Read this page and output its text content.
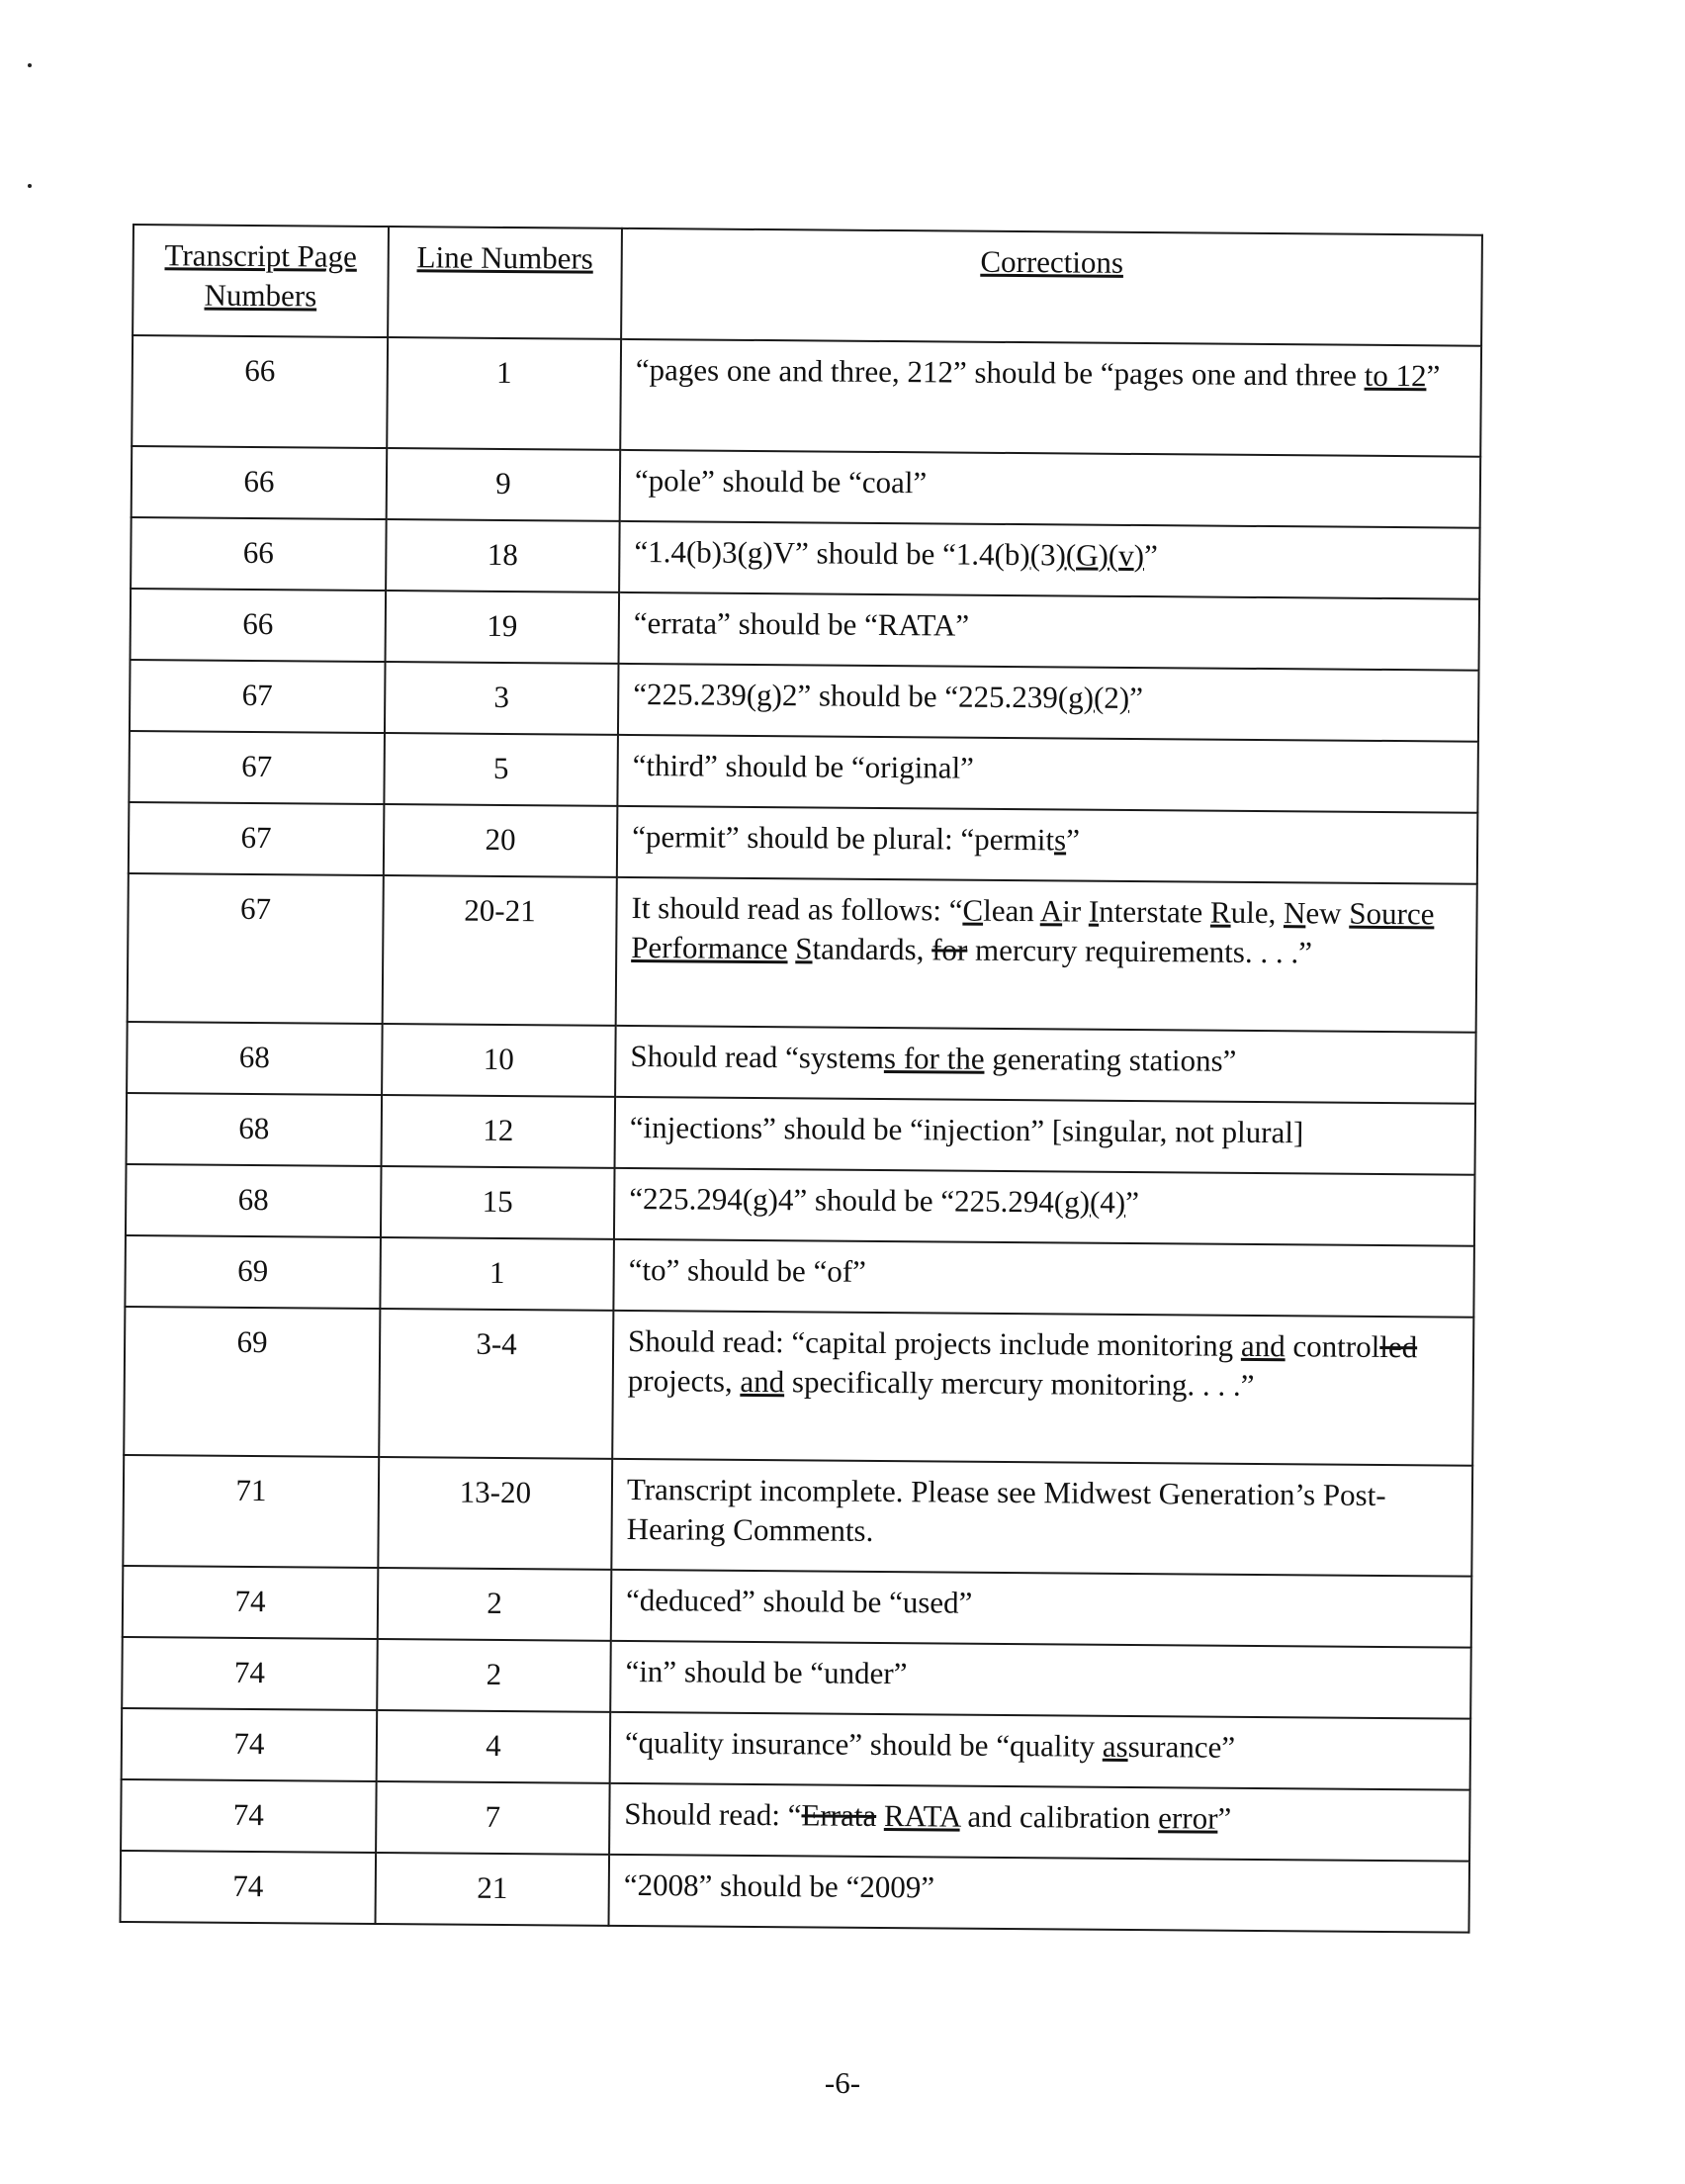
Transcript Page Numbers	Line Numbers	Corrections
66	1	“pages one and three, 212” should be “pages one and three to 12”
66	9	“pole” should be “coal”
66	18	“1.4(b)3(g)V” should be “1.4(b)(3)(G)(v)”
66	19	“errata” should be “RATA”
67	3	“225.239(g)2” should be “225.239(g)(2)”
67	5	“third” should be “original”
67	20	“permit” should be plural: “permits”
67	20-21	It should read as follows: “Clean Air Interstate Rule, New Source Performance Standards, for mercury requirements. . . .”
68	10	Should read “systems for the generating stations”
68	12	“injections” should be “injection” [singular, not plural]
68	15	“225.294(g)4” should be “225.294(g)(4)”
69	1	“to” should be “of”
69	3-4	Should read: “capital projects include monitoring and controlled projects, and specifically mercury monitoring. . . .”
71	13-20	Transcript incomplete. Please see Midwest Generation’s Post-Hearing Comments.
74	2	“deduced” should be “used”
74	2	“in” should be “under”
74	4	“quality insurance” should be “quality assurance”
74	7	Should read: “Errata RATA and calibration error”
74	21	“2008” should be “2009”
-6-
